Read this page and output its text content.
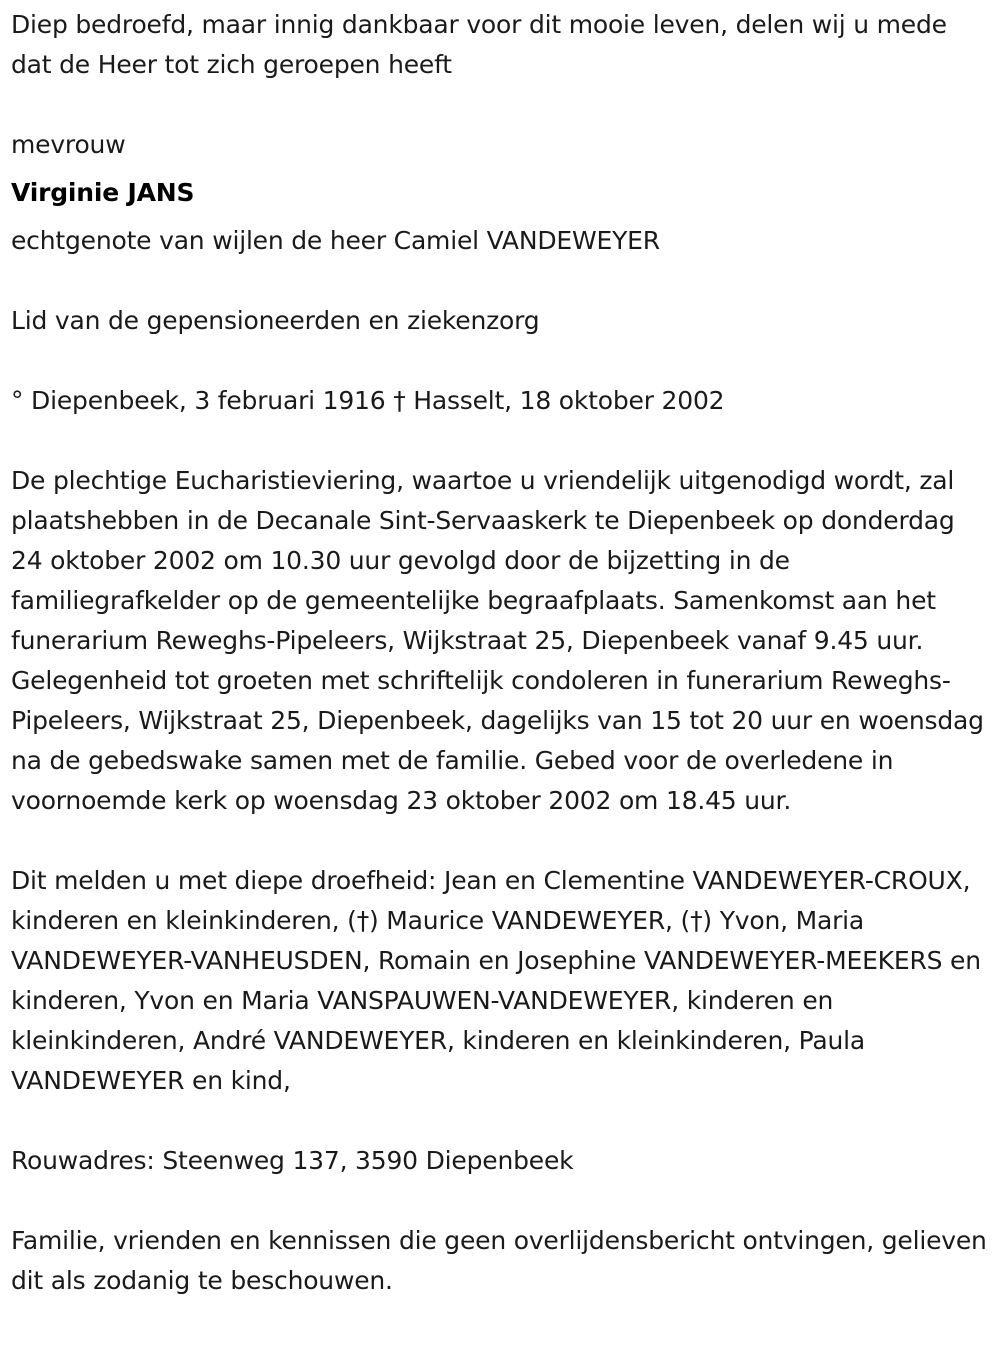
Diep bedroefd, maar innig dankbaar voor dit mooie leven, delen wij u mede dat de Heer tot zich geroepen heeft

mevrouw

Virginie JANS

echtgenote van wijlen de heer Camiel VANDEWEYER

Lid van de gepensioneerden en ziekenzorg

° Diepenbeek, 3 februari 1916 † Hasselt, 18 oktober 2002

De plechtige Eucharistieviering, waartoe u vriendelijk uitgenodigd wordt, zal plaatshebben in de Decanale Sint-Servaaskerk te Diepenbeek op donderdag 24 oktober 2002 om 10.30 uur gevolgd door de bijzetting in de familiegrafkelder op de gemeentelijke begraafplaats. Samenkomst aan het funerarium Reweghs-Pipeleers, Wijkstraat 25, Diepenbeek vanaf 9.45 uur. Gelegenheid tot groeten met schriftelijk condoleren in funerarium Reweghs-Pipeleers, Wijkstraat 25, Diepenbeek, dagelijks van 15 tot 20 uur en woensdag na de gebedswake samen met de familie. Gebed voor de overledene in voornoemde kerk op woensdag 23 oktober 2002 om 18.45 uur.

Dit melden u met diepe droefheid: Jean en Clementine VANDEWEYER-CROUX, kinderen en kleinkinderen, (†) Maurice VANDEWEYER, (†) Yvon, Maria VANDEWEYER-VANHEUSDEN, Romain en Josephine VANDEWEYER-MEEKERS en kinderen, Yvon en Maria VANSPAUWEN-VANDEWEYER, kinderen en kleinkinderen, André VANDEWEYER, kinderen en kleinkinderen, Paula VANDEWEYER en kind,

Rouwadres: Steenweg 137, 3590 Diepenbeek

Familie, vrienden en kennissen die geen overlijdensbericht ontvingen, gelieven dit als zodanig te beschouwen.
